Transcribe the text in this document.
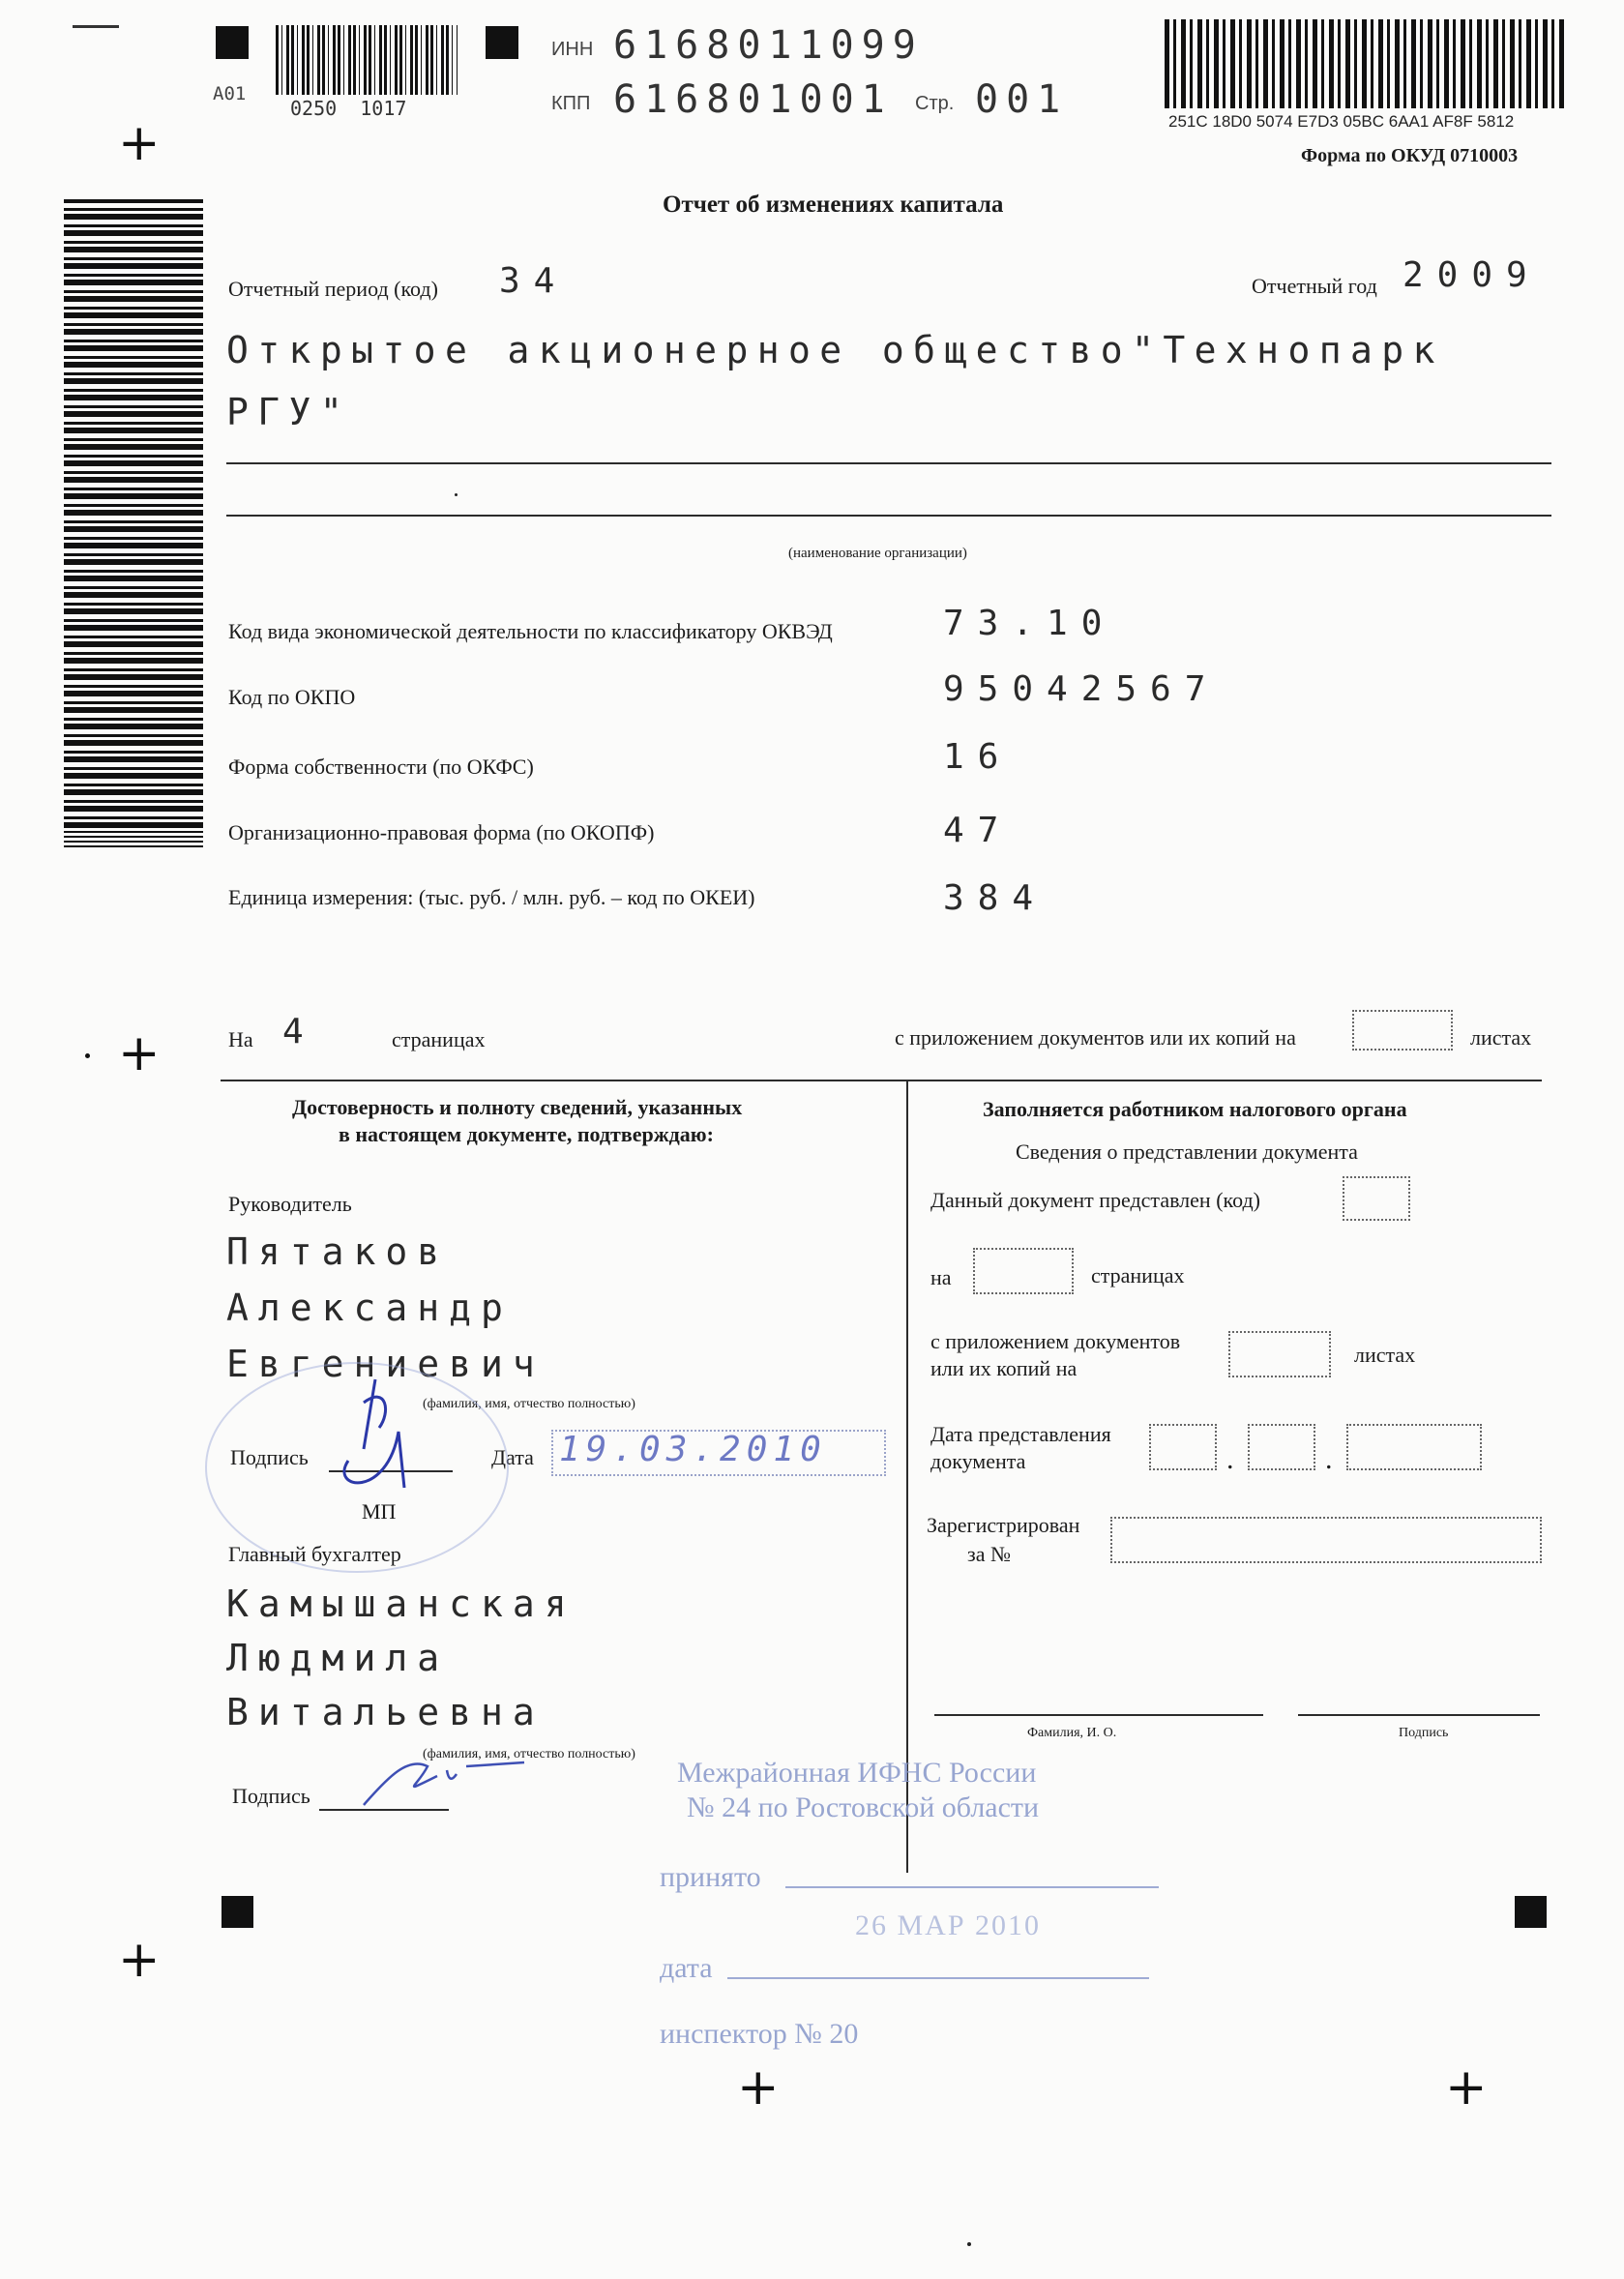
A01
0250  1017
ИНН 6168011099
КПП 616801001 Стр. 001	251C 18D0 5074 E7D3 05BC 6AA1 AF8F 5812
Форма по ОКУД 0710003
+
+
+
+	+
Отчет об изменениях капитала
Отчетный период (код) 34	Отчетный год 2009
Открытое акционерное общество"Технопарк
РГУ"
(наименование организации)
Код вида экономической деятельности по классификатору ОКВЭД	73.10
Код по ОКПО	95042567
Форма собственности (по ОКФС)	16
Организационно-правовая форма (по ОКОПФ)	47
Единица измерения: (тыс. руб. / млн. руб. – код по ОКЕИ)	384
На 4	страницах	с приложением документов или их копий на	листах
Достоверность и полноту сведений, указанных
в настоящем документе, подтверждаю:
Руководитель
Пятаков
Александр
Евгениевич
(фамилия, имя, отчество полностью)
Подпись	Дата 19.03.2010
МП
Главный бухгалтер
Камышанская
Людмила
Витальевна
(фамилия, имя, отчество полностью)
Подпись
Заполняется работником налогового органа
Сведения о представлении документа
Данный документ представлен (код)
на	страницах
с приложением документов
или их копий на
листах
Дата представления
документа	.	.
Зарегистрирован
за №
Фамилия, И. О.	Подпись
Межрайонная ИФНС России
№ 24 по Ростовской области
принято
26 МАР 2010
дата
инспектор № 20
